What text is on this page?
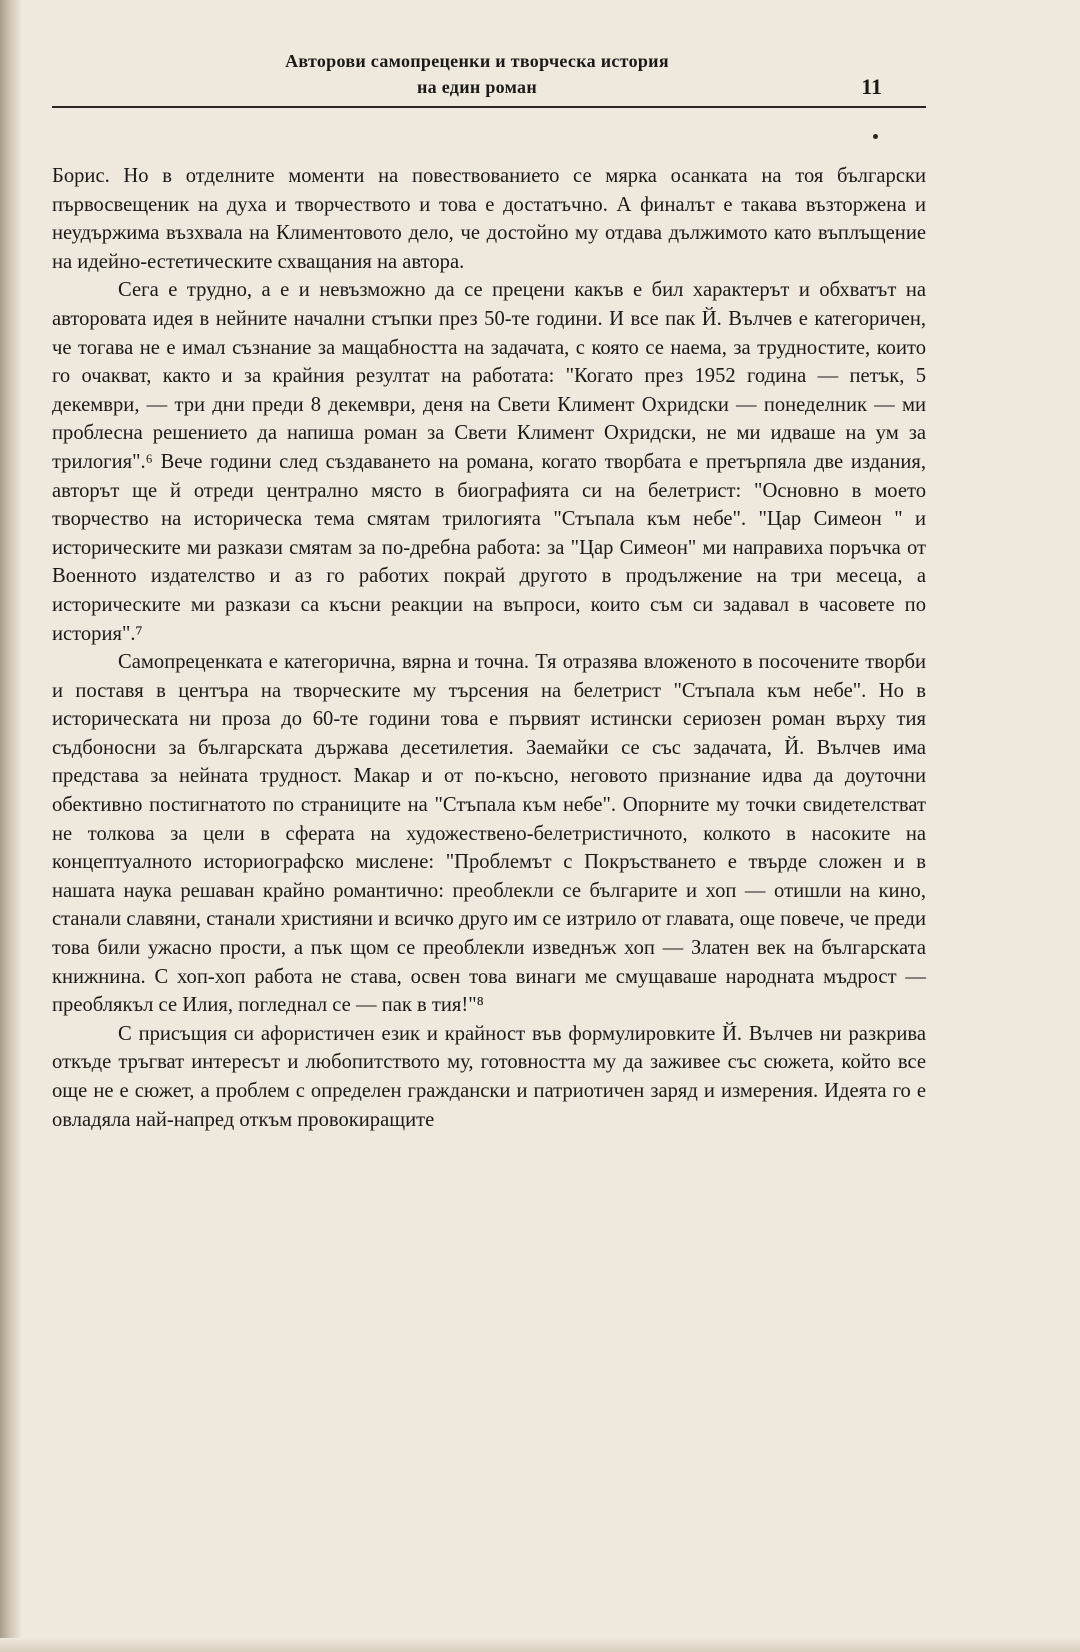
Авторови самопреценки и творческа история
на един роман	11

Борис. Но в отделните моменти на повествованието се мярка осанката на тоя български първосвещеник на духа и творчеството и това е достатъчно. А финалът е такава възторжена и неудържима възхвала на Климентовото дело, че достойно му отдава дължимото като въплъщение на идейно-естетическите схващания на автора.

Сега е трудно, а е и невъзможно да се прецени какъв е бил характерът и обхватът на авторовата идея в нейните начални стъпки през 50-те години. И все пак Й. Вълчев е категоричен, че тогава не е имал съзнание за мащабността на задачата, с която се наема, за трудностите, които го очакват, както и за крайния резултат на работата: "Когато през 1952 година — петък, 5 декември, — три дни преди 8 декември, деня на Свети Климент Охридски — понеделник — ми проблесна решението да напиша роман за Свети Климент Охридски, не ми идваше на ум за трилогия".⁶ Вече години след създаването на романа, когато творбата е претърпяла две издания, авторът ще й отреди централно място в биографията си на белетрист: "Основно в моето творчество на историческа тема смятам трилогията "Стъпала към небе". "Цар Симеон " и историческите ми разкази смятам за по-дребна работа: за "Цар Симеон" ми направиха поръчка от Военното издателство и аз го работих покрай другото в продължение на три месеца, а историческите ми разкази са късни реакции на въпроси, които съм си задавал в часовете по история".⁷

Самопреценката е категорична, вярна и точна. Тя отразява вложеното в посочените творби и поставя в центъра на творческите му търсения на белетрист "Стъпала към небе". Но в историческата ни проза до 60-те години това е първият истински сериозен роман върху тия съдбоносни за българската държава десетилетия. Заемайки се със задачата, Й. Вълчев има представа за нейната трудност. Макар и от по-късно, неговото признание идва да доуточни обективно постигнатото по страниците на "Стъпала към небе". Опорните му точки свидетелстват не толкова за цели в сферата на художествено-белетристичното, колкото в насоките на концептуалното историографско мислене: "Проблемът с Покръстването е твърде сложен и в нашата наука решаван крайно романтично: преоблекли се българите и хоп — отишли на кино, станали славяни, станали християни и всичко друго им се изтрило от главата, още повече, че преди това били ужасно прости, а пък щом се преоблекли изведнъж хоп — Златен век на българската книжнина. С хоп-хоп работа не става, освен това винаги ме смущаваше народната мъдрост — преоблякъл се Илия, погледнал се — пак в тия!"⁸

С присъщия си афористичен език и крайност във формулировките Й. Вълчев ни разкрива откъде тръгват интересът и любопитството му, готовността му да заживее със сюжета, който все още не е сюжет, а проблем с определен граждански и патриотичен заряд и измерения. Идеята го е овладяла най-напред откъм провокиращите
